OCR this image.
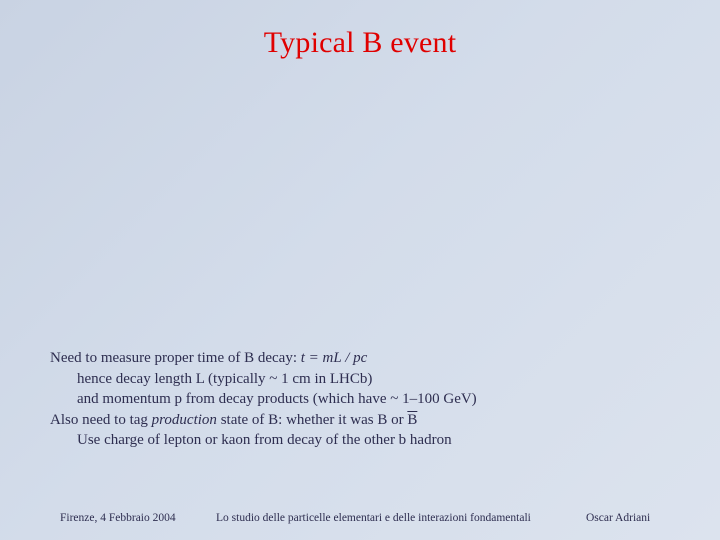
Typical B event
Need to measure proper time of B decay: t = mL / pc
hence decay length L (typically ~ 1 cm in LHCb)
and momentum p from decay products (which have ~ 1–100 GeV)
Also need to tag production state of B: whether it was B or $\overline{B}$
Use charge of lepton or kaon from decay of the other b hadron
Firenze, 4 Febbraio 2004	Lo studio delle particelle elementari e delle interazioni fondamentali	Oscar Adriani
